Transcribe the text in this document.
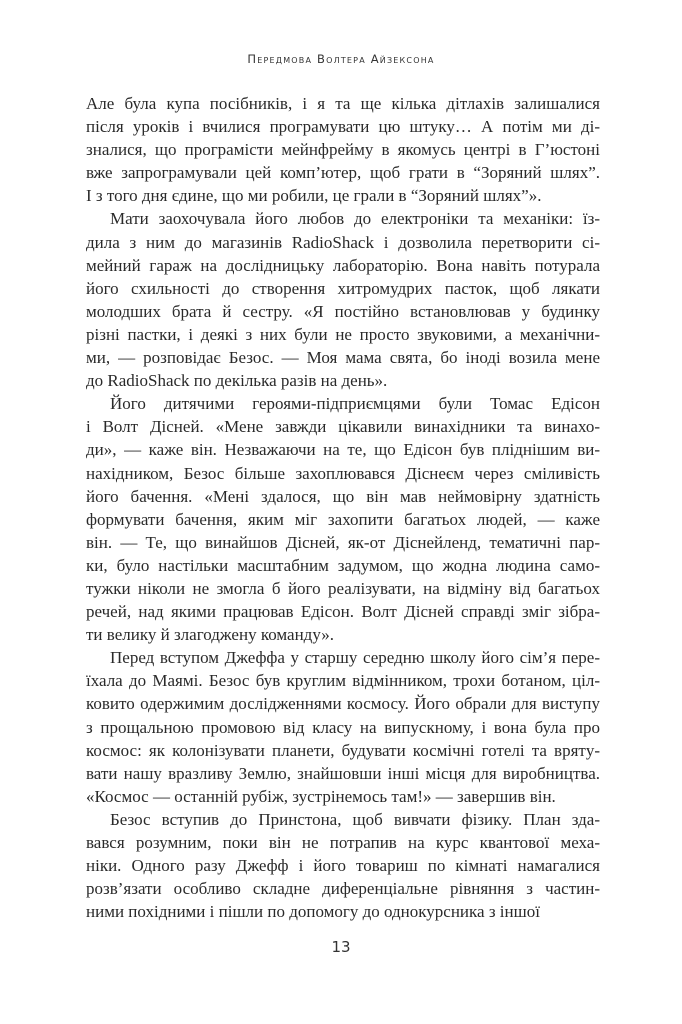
Передмова Волтера Айзексона
Але була купа посібників, і я та ще кілька дітлахів залишалися
після уроків і вчилися програмувати цю штуку… А потім ми ді-
зналися, що програмісти мейнфрейму в якомусь центрі в Г’юстоні
вже запрограмували цей комп’ютер, щоб грати в “Зоряний шлях”.
І з того дня єдине, що ми робили, це грали в “Зоряний шлях”».
Мати заохочувала його любов до електроніки та механіки: їз-
дила з ним до магазинів RadioShack і дозволила перетворити сі-
мейний гараж на дослідницьку лабораторію. Вона навіть потурала
його схильності до створення хитромудрих пасток, щоб лякати
молодших брата й сестру. «Я постійно встановлював у будинку
різні пастки, і деякі з них були не просто звуковими, а механічни-
ми, — розповідає Безос. — Моя мама свята, бо іноді возила мене
до RadioShack по декілька разів на день».
Його дитячими героями-підприємцями були Томас Едісон
і Волт Дісней. «Мене завжди цікавили винахідники та винахо-
ди», — каже він. Незважаючи на те, що Едісон був пліднішим ви-
нахідником, Безос більше захоплювався Діснеєм через сміливість
його бачення. «Мені здалося, що він мав неймовірну здатність
формувати бачення, яким міг захопити багатьох людей, — каже
він. — Те, що винайшов Дісней, як-от Діснейленд, тематичні пар-
ки, було настільки масштабним задумом, що жодна людина само-
тужки ніколи не змогла б його реалізувати, на відміну від багатьох
речей, над якими працював Едісон. Волт Дісней справді зміг зібра-
ти велику й злагоджену команду».
Перед вступом Джеффа у старшу середню школу його сім’я пере-
їхала до Маямі. Безос був круглим відмінником, трохи ботаном, ціл-
ковито одержимим дослідженнями космосу. Його обрали для виступу
з прощальною промовою від класу на випускному, і вона була про
космос: як колонізувати планети, будувати космічні готелі та врятy-
вати нашу вразливу Землю, знайшовши інші місця для виробництва.
«Космос — останній рубіж, зустрінемось там!» — завершив він.
Безос вступив до Принстона, щоб вивчати фізику. План зда-
вався розумним, поки він не потрапив на курс квантової меха-
ніки. Одного разу Джефф і його товариш по кімнаті намагалися
розв’язати особливо складне диференціальне рівняння з частин-
ними похідними і пішли по допомогу до однокурсника з іншої
13
